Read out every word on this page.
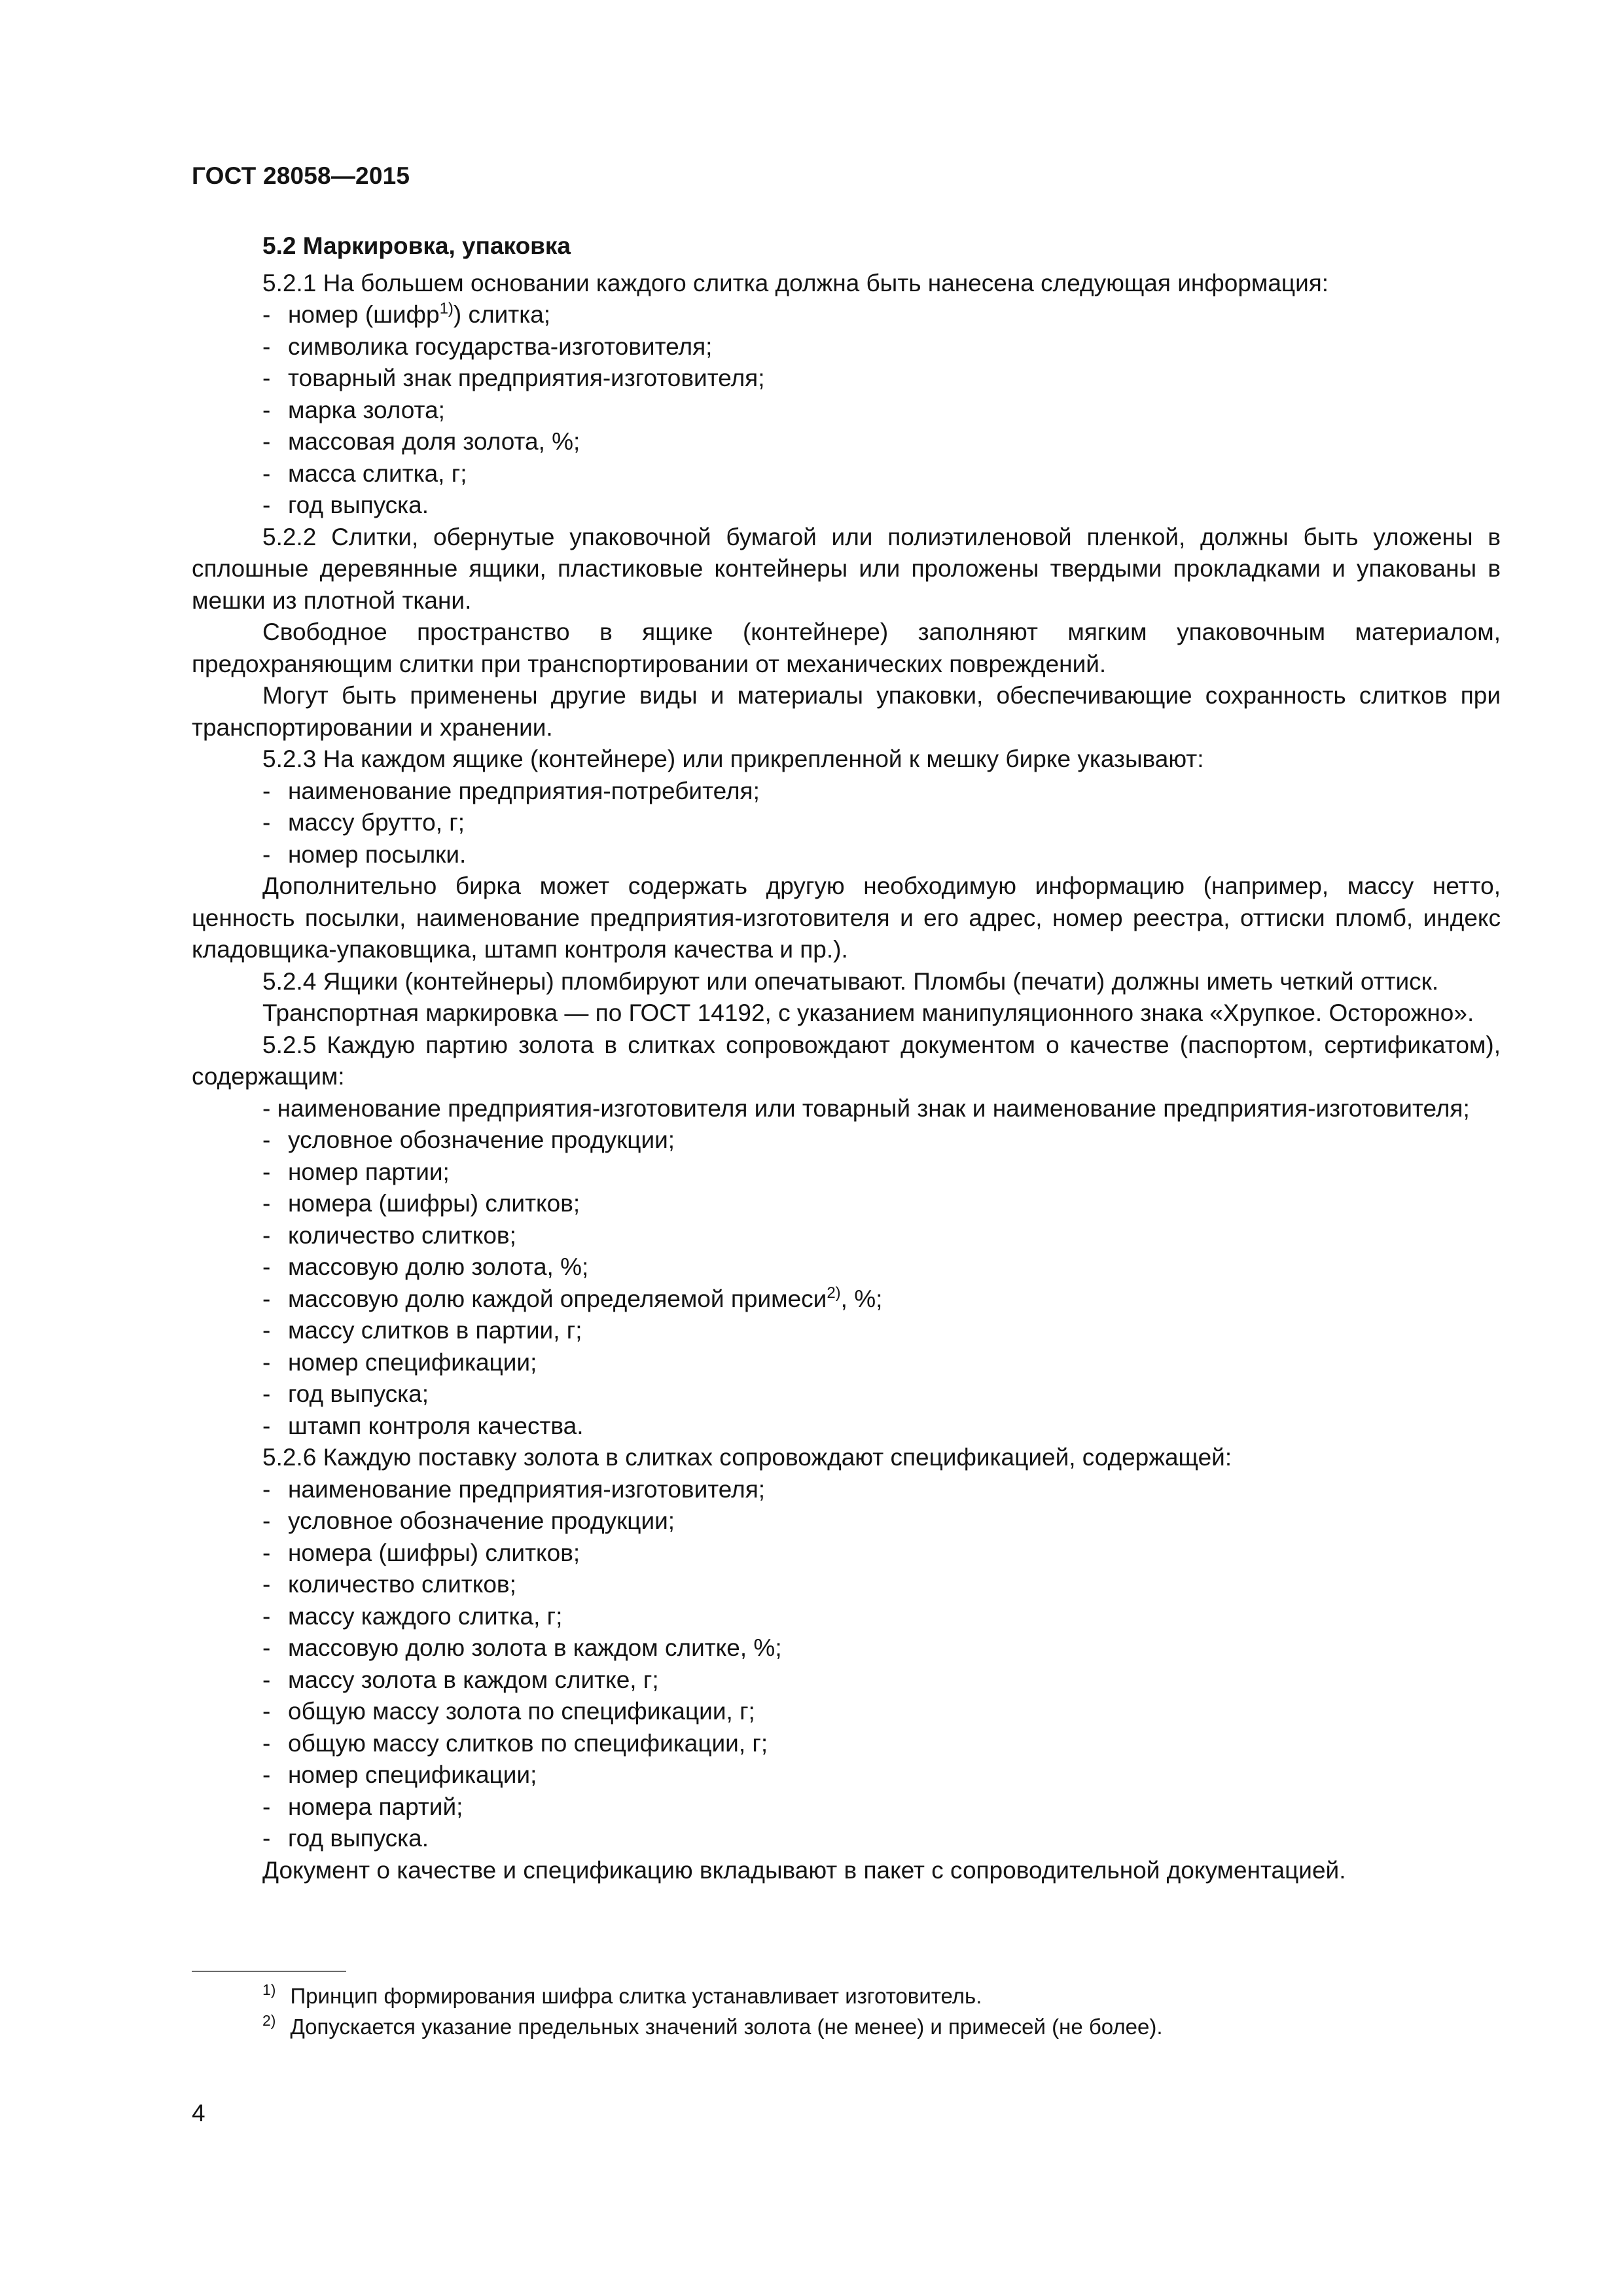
ГОСТ 28058—2015
5.2 Маркировка, упаковка

5.2.1 На большем основании каждого слитка должна быть нанесена следующая информация:

- номер (шифр$^{1)}$) слитка;
- символика государства-изготовителя;
- товарный знак предприятия-изготовителя;
- марка золота;
- массовая доля золота, %;
- масса слитка, г;
- год выпуска.

5.2.2 Слитки, обернутые упаковочной бумагой или полиэтиленовой пленкой, должны быть уложены в сплошные деревянные ящики, пластиковые контейнеры или проложены твердыми прокладками и упакованы в мешки из плотной ткани.

Свободное пространство в ящике (контейнере) заполняют мягким упаковочным материалом, предохраняющим слитки при транспортировании от механических повреждений.

Могут быть применены другие виды и материалы упаковки, обеспечивающие сохранность слитков при транспортировании и хранении.

5.2.3 На каждом ящике (контейнере) или прикрепленной к мешку бирке указывают:

- наименование предприятия-потребителя;
- массу брутто, г;
- номер посылки.

Дополнительно бирка может содержать другую необходимую информацию (например, массу нетто, ценность посылки, наименование предприятия-изготовителя и его адрес, номер реестра, оттиски пломб, индекс кладовщика-упаковщика, штамп контроля качества и пр.).

5.2.4 Ящики (контейнеры) пломбируют или опечатывают. Пломбы (печати) должны иметь четкий оттиск.

Транспортная маркировка — по ГОСТ 14192, с указанием манипуляционного знака «Хрупкое. Осторожно».

5.2.5 Каждую партию золота в слитках сопровождают документом о качестве (паспортом, сертификатом), содержащим:

- наименование предприятия-изготовителя или товарный знак и наименование предприятия-изготовителя;

- условное обозначение продукции;
- номер партии;
- номера (шифры) слитков;
- количество слитков;
- массовую долю золота, %;
- массовую долю каждой определяемой примеси$^{2)}$, %;
- массу слитков в партии, г;
- номер спецификации;
- год выпуска;
- штамп контроля качества.

5.2.6 Каждую поставку золота в слитках сопровождают спецификацией, содержащей:

- наименование предприятия-изготовителя;
- условное обозначение продукции;
- номера (шифры) слитков;
- количество слитков;
- массу каждого слитка, г;
- массовую долю золота в каждом слитке, %;
- массу золота в каждом слитке, г;
- общую массу золота по спецификации, г;
- общую массу слитков по спецификации, г;
- номер спецификации;
- номера партий;
- год выпуска.

Документ о качестве и спецификацию вкладывают в пакет с сопроводительной документацией.

$^{1)}$ Принцип формирования шифра слитка устанавливает изготовитель.

$^{2)}$ Допускается указание предельных значений золота (не менее) и примесей (не более).

4
